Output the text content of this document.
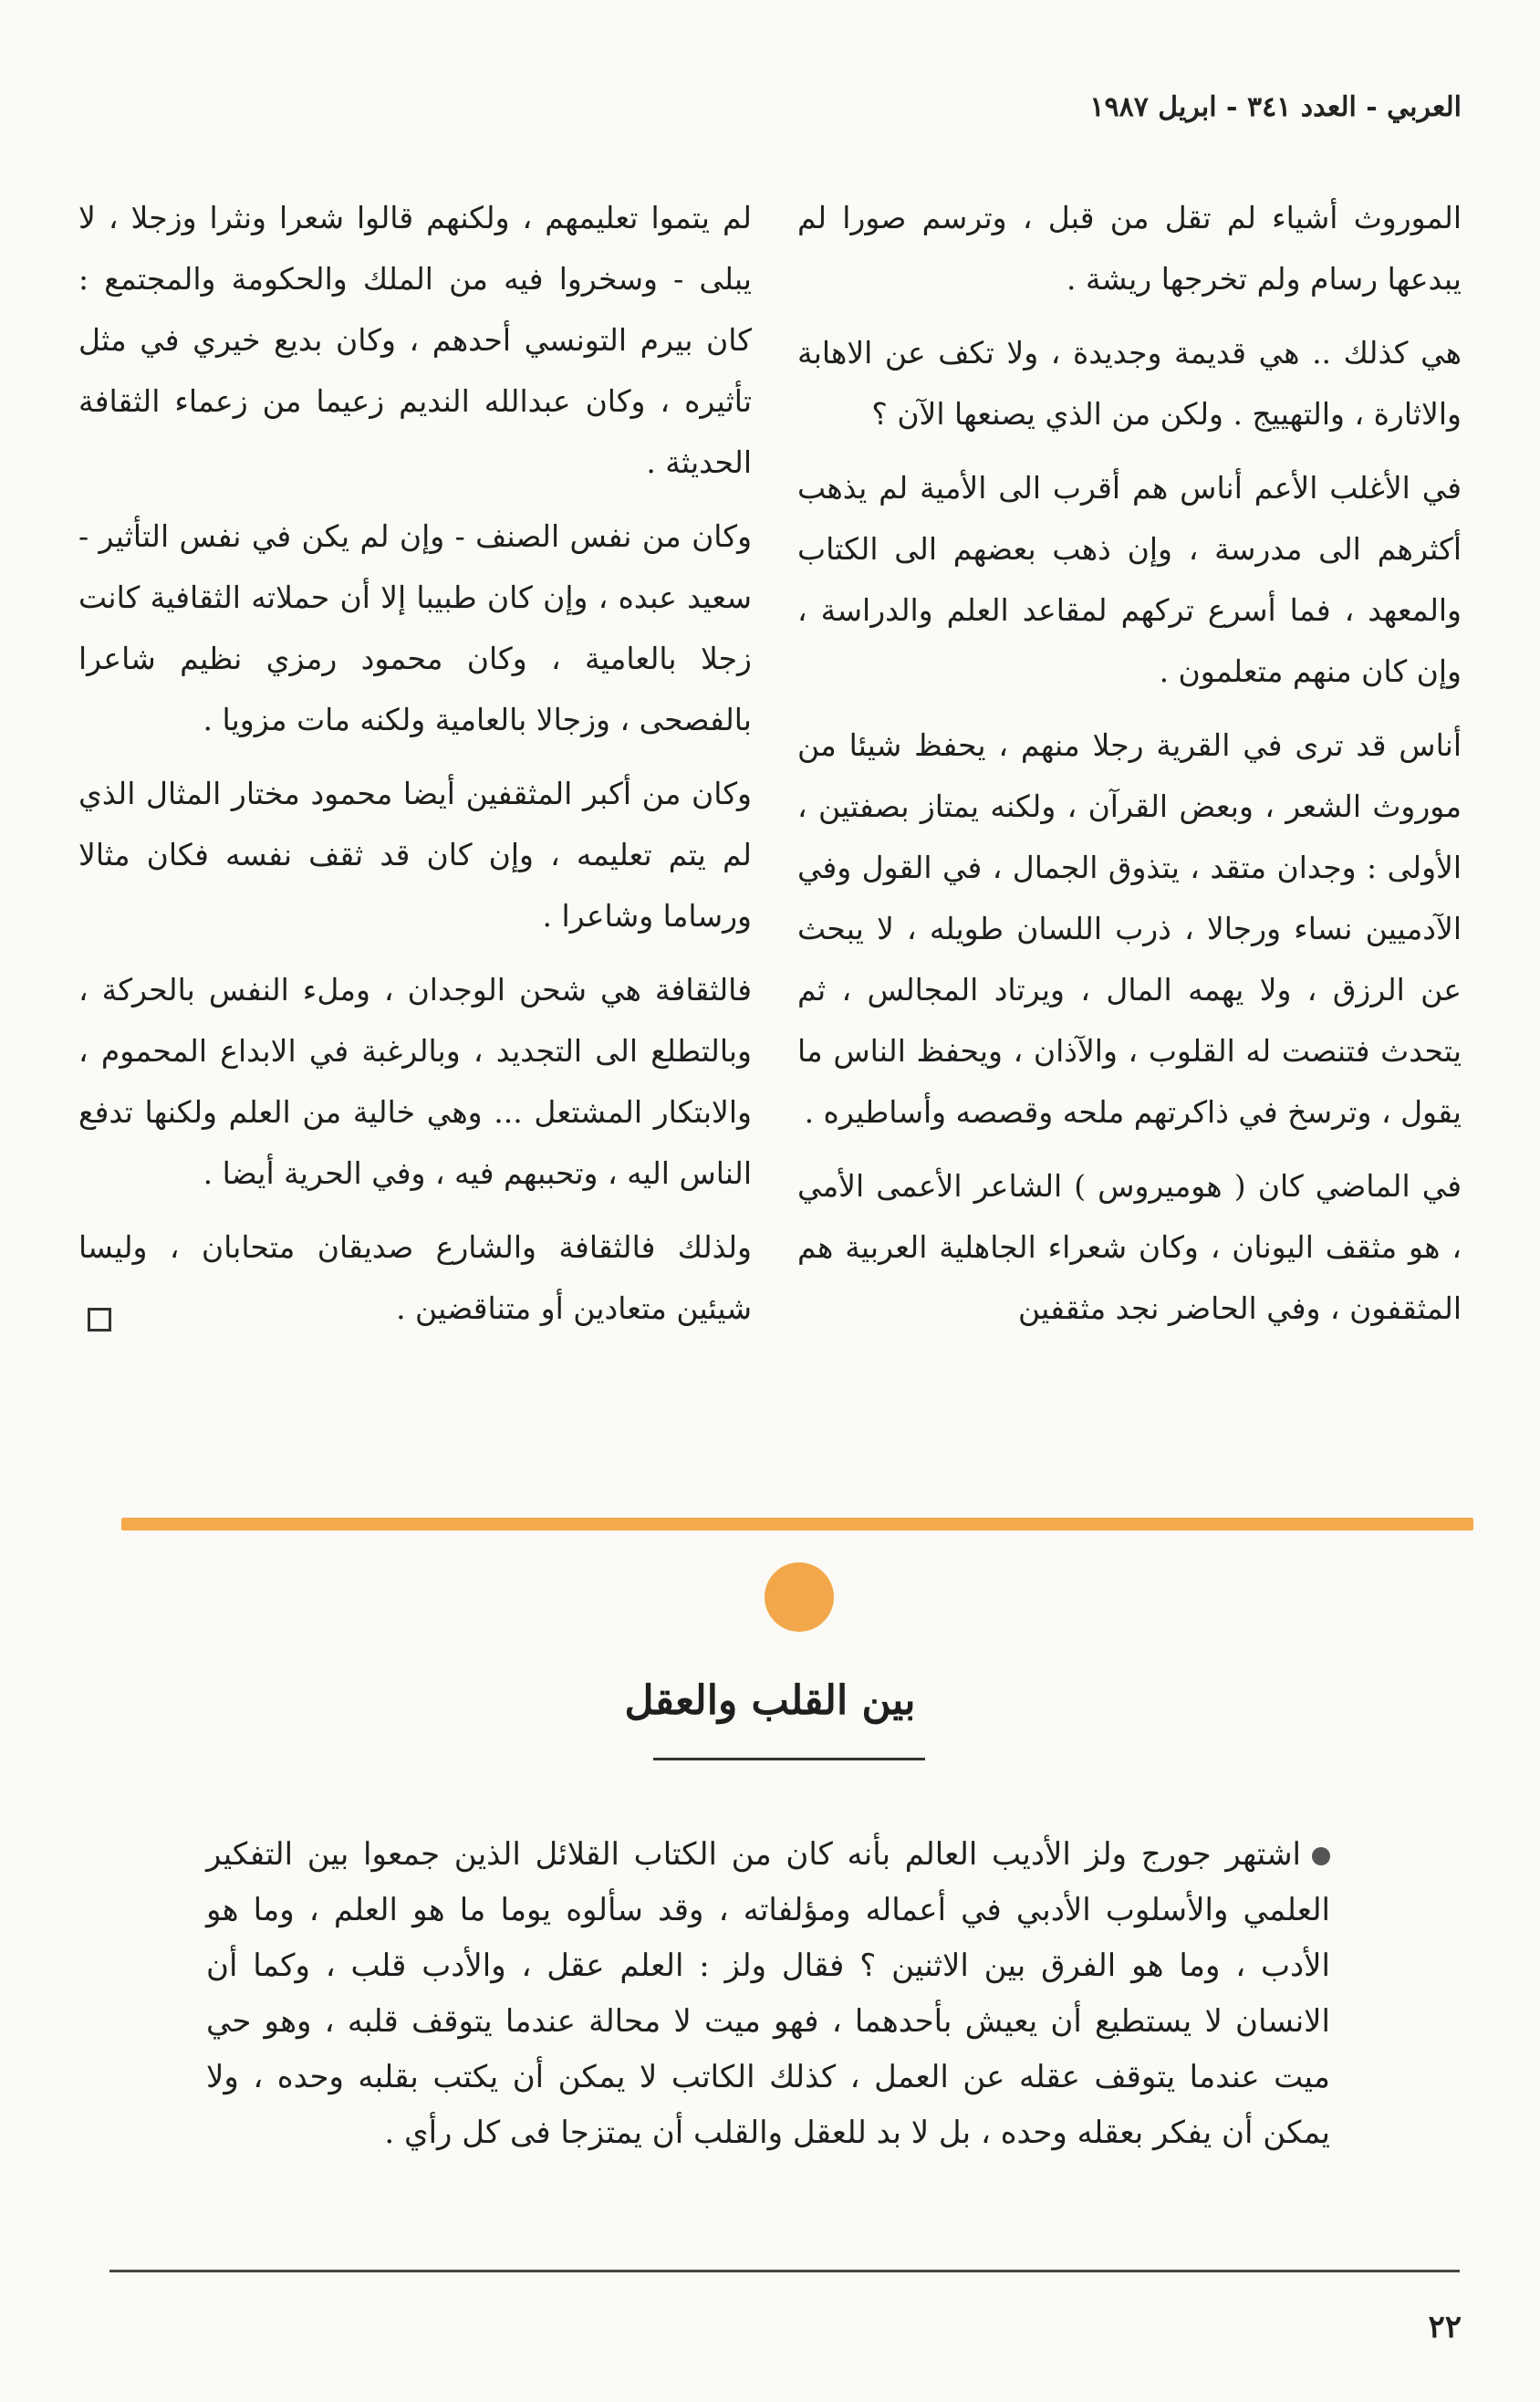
العربي - العدد ٣٤١ - ابريل ١٩٨٧

الموروث أشياء لم تقل من قبل ، وترسم صورا لم يبدعها رسام ولم تخرجها ريشة .

هي كذلك .. هي قديمة وجديدة ، ولا تكف عن الاهابة والاثارة ، والتهييج . ولكن من الذي يصنعها الآن ؟

في الأغلب الأعم أناس هم أقرب الى الأمية لم يذهب أكثرهم الى مدرسة ، وإن ذهب بعضهم الى الكتاب والمعهد ، فما أسرع تركهم لمقاعد العلم والدراسة ، وإن كان منهم متعلمون .

أناس قد ترى في القرية رجلا منهم ، يحفظ شيئا من موروث الشعر ، وبعض القرآن ، ولكنه يمتاز بصفتين ، الأولى : وجدان متقد ، يتذوق الجمال ، في القول وفي الآدميين نساء ورجالا ، ذرب اللسان طويله ، لا يبحث عن الرزق ، ولا يهمه المال ، ويرتاد المجالس ، ثم يتحدث فتنصت له القلوب ، والآذان ، ويحفظ الناس ما يقول ، وترسخ في ذاكرتهم ملحه وقصصه وأساطيره .

في الماضي كان ( هوميروس ) الشاعر الأعمى الأمي ، هو مثقف اليونان ، وكان شعراء الجاهلية العربية هم المثقفون ، وفي الحاضر نجد مثقفين

لم يتموا تعليمهم ، ولكنهم قالوا شعرا ونثرا وزجلا ، لا يبلى - وسخروا فيه من الملك والحكومة والمجتمع : كان بيرم التونسي أحدهم ، وكان بديع خيري في مثل تأثيره ، وكان عبدالله النديم زعيما من زعماء الثقافة الحديثة .

وكان من نفس الصنف - وإن لم يكن في نفس التأثير - سعيد عبده ، وإن كان طبيبا إلا أن حملاته الثقافية كانت زجلا بالعامية ، وكان محمود رمزي نظيم شاعرا بالفصحى ، وزجالا بالعامية ولكنه مات مزويا .

وكان من أكبر المثقفين أيضا محمود مختار المثال الذي لم يتم تعليمه ، وإن كان قد ثقف نفسه فكان مثالا ورساما وشاعرا .

فالثقافة هي شحن الوجدان ، وملء النفس بالحركة ، وبالتطلع الى التجديد ، وبالرغبة في الابداع المحموم ، والابتكار المشتعل ... وهي خالية من العلم ولكنها تدفع الناس اليه ، وتحببهم فيه ، وفي الحرية أيضا .

ولذلك فالثقافة والشارع صديقان متحابان ، وليسا شيئين متعادين أو متناقضين .

بين القلب والعقل
اشتهر جورج ولز الأديب العالم بأنه كان من الكتاب القلائل الذين جمعوا بين التفكير العلمي والأسلوب الأدبي في أعماله ومؤلفاته ، وقد سألوه يوما ما هو العلم ، وما هو الأدب ، وما هو الفرق بين الاثنين ؟ فقال ولز : العلم عقل ، والأدب قلب ، وكما أن الانسان لا يستطيع أن يعيش بأحدهما ، فهو ميت لا محالة عندما يتوقف قلبه ، وهو حي ميت عندما يتوقف عقله عن العمل ، كذلك الكاتب لا يمكن أن يكتب بقلبه وحده ، ولا يمكن أن يفكر بعقله وحده ، بل لا بد للعقل والقلب أن يمتزجا فى كل رأي .
٢٢
